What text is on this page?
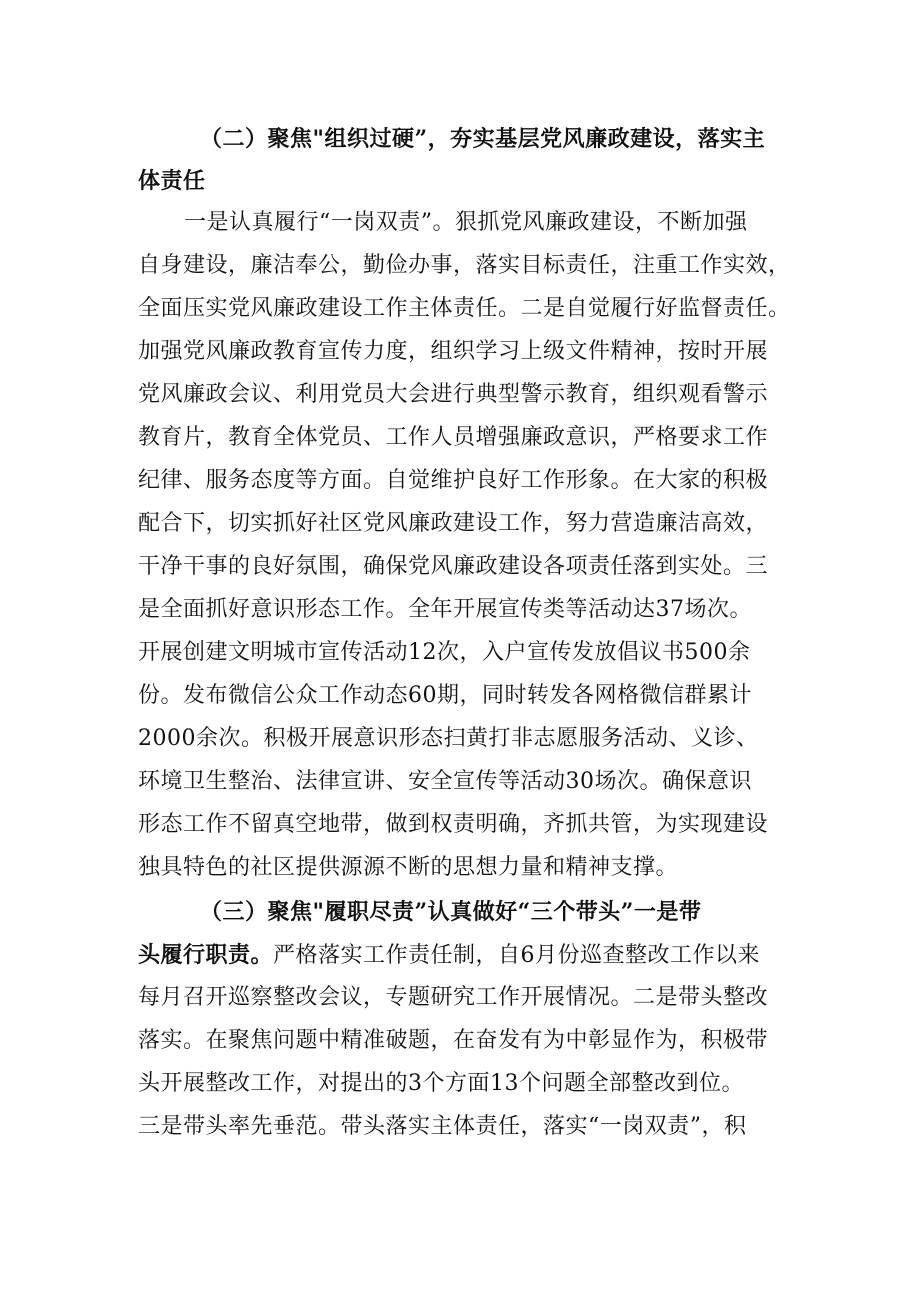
（二）聚焦"组织过硬”，夯实基层党风廉政建设，落实主
体责任
一是认真履行“一岗双责”。狠抓党风廉政建设，不断加强
自身建设，廉洁奉公，勤俭办事，落实目标责任，注重工作实效，
全面压实党风廉政建设工作主体责任。二是自觉履行好监督责任。
加强党风廉政教育宣传力度，组织学习上级文件精神，按时开展
党风廉政会议、利用党员大会进行典型警示教育，组织观看警示
教育片，教育全体党员、工作人员增强廉政意识，严格要求工作
纪律、服务态度等方面。自觉维护良好工作形象。在大家的积极
配合下，切实抓好社区党风廉政建设工作，努力营造廉洁高效，
干净干事的良好氛围，确保党风廉政建设各项责任落到实处。三
是全面抓好意识形态工作。全年开展宣传类等活动达37场次。
开展创建文明城市宣传活动12次，入户宣传发放倡议书500余
份。发布微信公众工作动态60期，同时转发各网格微信群累计
2000余次。积极开展意识形态扫黄打非志愿服务活动、义诊、
环境卫生整治、法律宣讲、安全宣传等活动30场次。确保意识
形态工作不留真空地带，做到权责明确，齐抓共管，为实现建设
独具特色的社区提供源源不断的思想力量和精神支撑。
（三）聚焦"履职尽责”认真做好“三个带头”一是带
头履行职责。严格落实工作责任制，自6月份巡查整改工作以来
每月召开巡察整改会议，专题研究工作开展情况。二是带头整改
落实。在聚焦问题中精准破题，在奋发有为中彰显作为，积极带
头开展整改工作，对提出的3个方面13个问题全部整改到位。
三是带头率先垂范。带头落实主体责任，落实“一岗双责”，积
